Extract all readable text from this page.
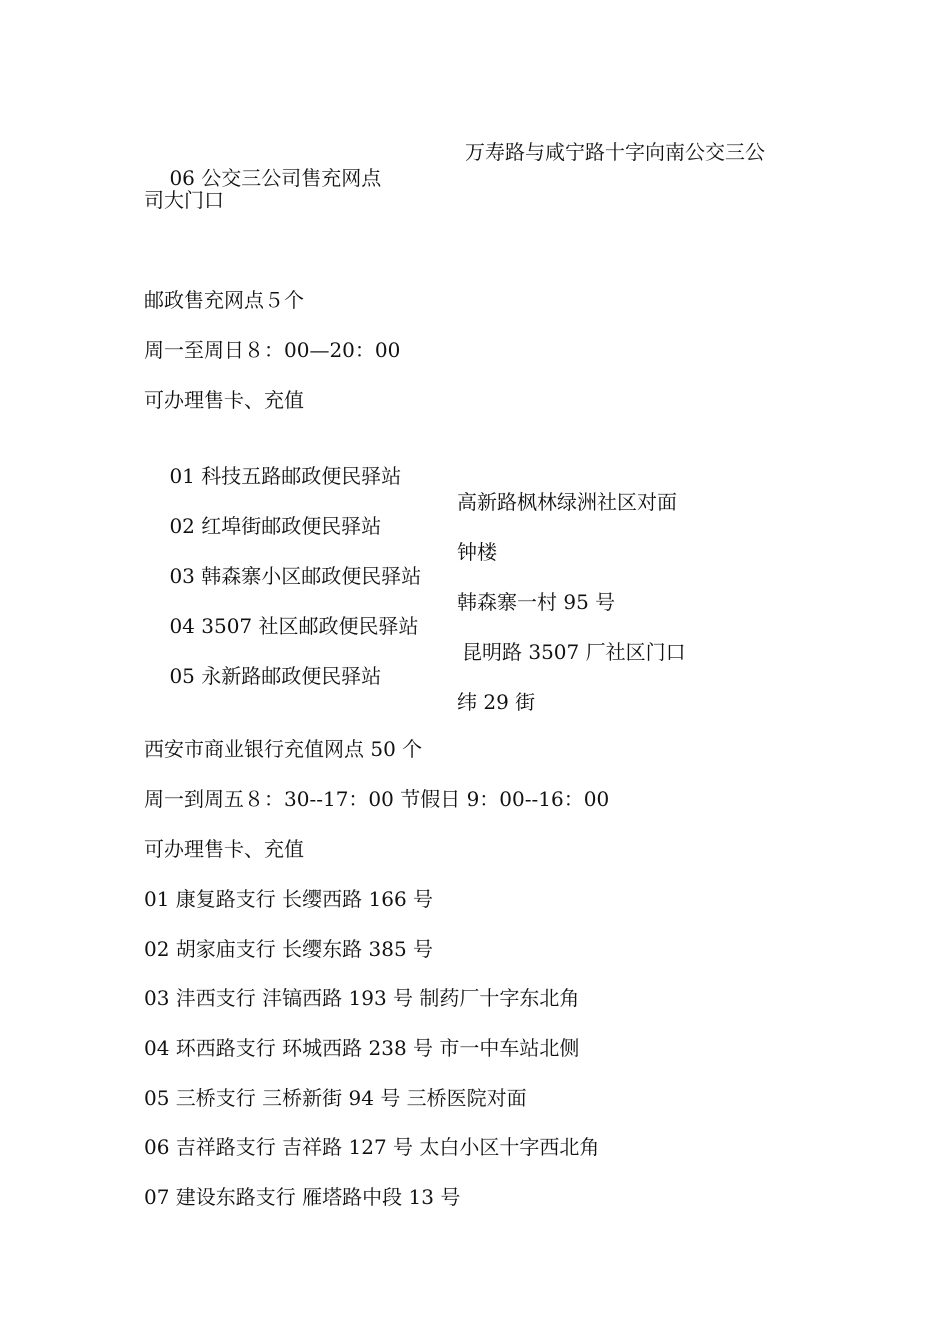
06 公交三公司售充网点

万寿路与咸宁路十字向南公交三公

司大门口
邮政售充网点５个
周一至周日８：00—20：00
可办理售卡、充值

01 科技五路邮政便民驿站

高新路枫林绿洲社区对面

02 红埠街邮政便民驿站

钟楼

03 韩森寨小区邮政便民驿站

韩森寨一村 95 号

04 3507 社区邮政便民驿站

昆明路 3507 厂社区门口

05 永新路邮政便民驿站

纬 29 街

西安市商业银行充值网点 50 个
周一到周五８：30--17：00 节假日 9：00--16：00
可办理售卡、充值
01 康复路支行 长缨西路 166 号
02 胡家庙支行 长缨东路 385 号
03 沣西支行 沣镐西路 193 号 制药厂十字东北角
04 环西路支行 环城西路 238 号 市一中车站北侧
05 三桥支行 三桥新街 94 号 三桥医院对面
06 吉祥路支行 吉祥路 127 号 太白小区十字西北角
07 建设东路支行 雁塔路中段 13 号
